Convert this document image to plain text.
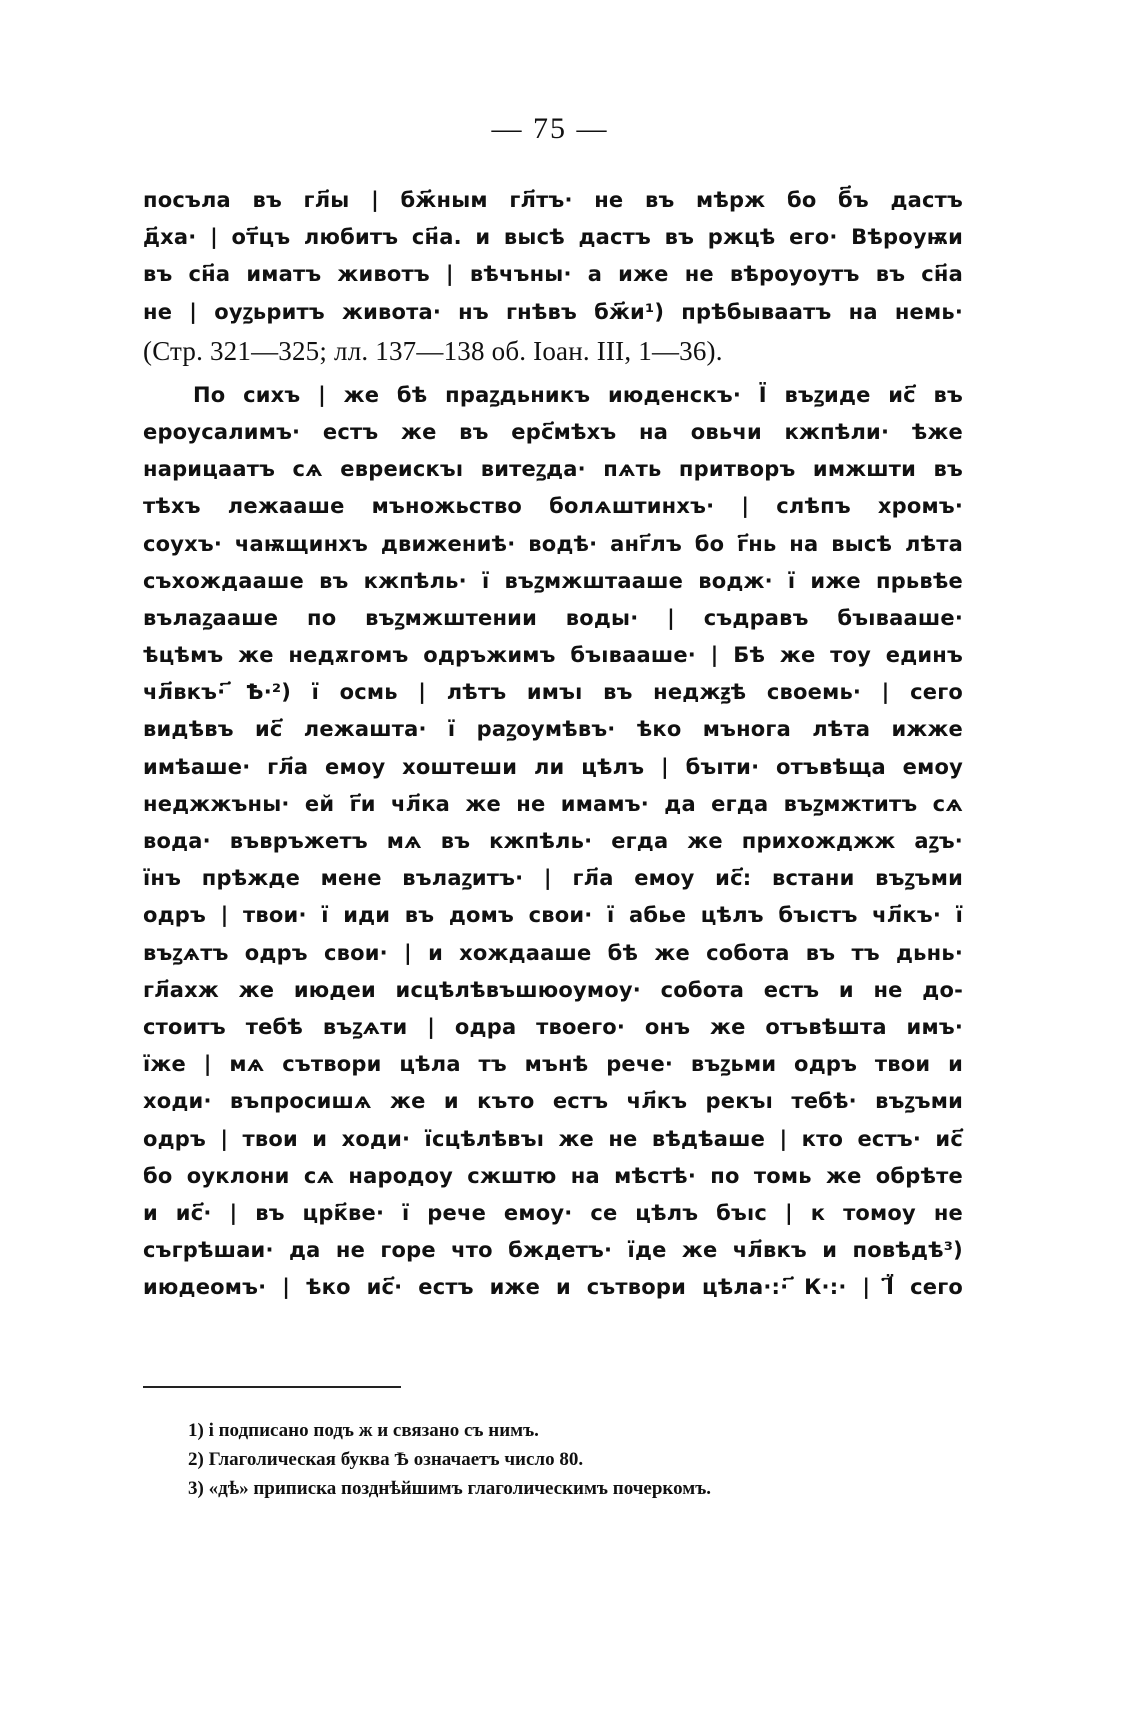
— 75 —
посъла въ гл҃ы | бж҃ным гл҃тъ· не въ мѣрж бо б҃ъ дастъ
д҃ха· | от҃цъ любитъ сн҃а. и высѣ дастъ въ ржцѣ его· Вѣроуѭи
въ сн҃а иматъ животъ | вѣчъны· а иже не вѣроуоутъ въ сн҃а
не | оуꙁьритъ живота· нъ гнѣвъ бж҃и¹) прѣбываатъ на немь·
(Стр. 321—325; лл. 137—138 об. Іоан. III, 1—36).
По сихъ | же бѣ праꙁдьникъ июденскъ· Ї въꙁиде ис҃ въ
ероусалимъ· естъ же въ ерс҃мѣхъ на овьчи кжпѣли· ѣже
нарицаатъ сѧ евреискъı витеꙁда· пѧть притворъ имжшти въ
тѣхъ лежааше мъножьство болѧштинхъ· | слѣпъ хромъ·
соухъ· чаѭщинхъ движениѣ· водѣ· анг҃лъ бо г҃нь на высѣ лѣта
съхождааше въ кжпѣль· ї въꙁмжштааше водж· ї иже прьвѣе
вълаꙁааше по въꙁмжштении воды· | съдравъ бъıвааше·
ѣцѣмъ же недѫгомъ одръжимъ бъıвааше· | Бѣ же тоу единъ
чл҃вкъ· ҃Ѣ·²) ї осмь | лѣтъ имъı въ неджꙃѣ своемь· | сего
видѣвъ ис҃ лежашта· ї раꙁоумѣвъ· ѣко мънога лѣта ижже
имѣаше· гл҃а емоу хоштеши ли цѣлъ | бъıти· отъвѣща емоу
неджжъны· ей г҃и чл҃ка же не имамъ· да егда въꙁмжтитъ сѧ
вода· въвръжетъ мѧ въ кжпѣль· егда же прихожджж аꙁъ·
їнъ прѣжде мене вълаꙁитъ· | гл҃а емоу ис҃: встани въꙁъми
одръ | твои· ї иди въ домъ свои· ї абье цѣлъ бъıстъ чл҃къ· ї
въꙁѧтъ одръ свои· | и хождааше бѣ же собота въ тъ дьнь·
гл҃ахж же июдеи исцѣлѣвъшюоумоу· собота естъ и не до-
стоитъ тебѣ въꙁѧти | одра твоего· онъ же отъвѣшта имъ·
їже | мѧ сътвори цѣла тъ мънѣ рече· въꙁьми одръ твои и
ходи· въпросишѧ же и къто естъ чл҃къ рекъı тебѣ· въꙁъми
одръ | твои и ходи· їсцѣлѣвъı же не вѣдѣаше | кто естъ· ис҃
бо оуклони сѧ народоу сжштю на мѣстѣ· по томь же обрѣте
и ис҃· | въ црк҃ве· ї рече емоу· се цѣлъ бъıс | к томоу не
съгрѣшаи· да не горе что бждетъ· їде же чл҃вкъ и повѣдѣ³)
июдеомъ· | ѣко ис҃· естъ иже и сътвори цѣла·:· ҃К·:· | Ї҃ сего
1) і подписано подъ ж и связано съ нимъ.
2) Глаголическая буква Ѣ означаетъ число 80.
3) «дѣ» приписка позднѣйшимъ глаголическимъ почеркомъ.
